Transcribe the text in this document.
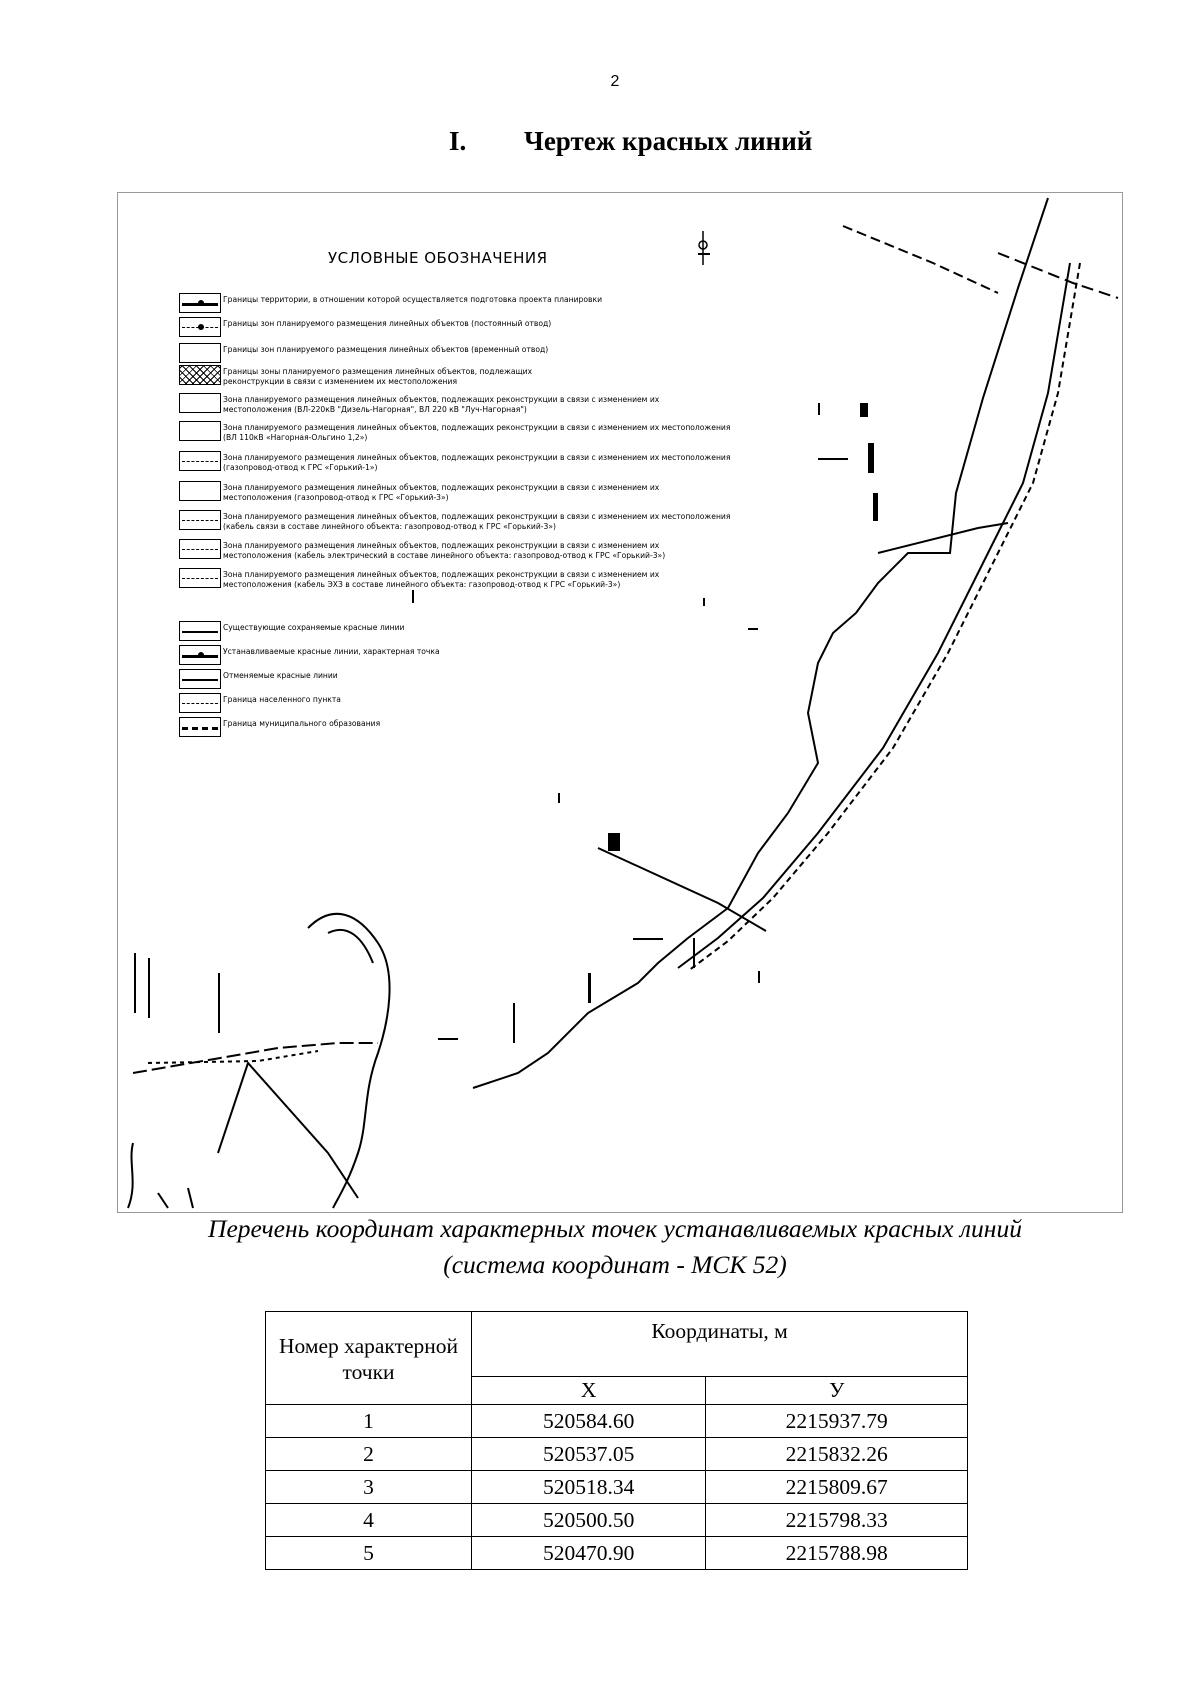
2
I. Чертеж красных линий
УСЛОВНЫЕ ОБОЗНАЧЕНИЯ
Границы территории, в отношении которой осуществляется подготовка проекта планировки
Границы зон планируемого размещения линейных объектов (постоянный отвод)
Границы зон планируемого размещения линейных объектов (временный отвод)
Границы зоны планируемого размещения линейных объектов, подлежащих
реконструкции в связи с изменением их местоположения
Зона планируемого размещения линейных объектов, подлежащих реконструкции в связи с изменением их
местоположения (ВЛ-220кВ "Дизель-Нагорная", ВЛ 220 кВ "Луч-Нагорная")
Зона планируемого размещения линейных объектов, подлежащих реконструкции в связи с изменением их местоположения
(ВЛ 110кВ «Нагорная-Ольгино 1,2»)
Зона планируемого размещения линейных объектов, подлежащих реконструкции в связи с изменением их местоположения
(газопровод-отвод к ГРС «Горький-1»)
Зона планируемого размещения линейных объектов, подлежащих реконструкции в связи с изменением их
местоположения (газопровод-отвод к ГРС «Горький-3»)
Зона планируемого размещения линейных объектов, подлежащих реконструкции в связи с изменением их местоположения
(кабель связи в составе линейного объекта: газопровод-отвод к ГРС «Горький-3»)
Зона планируемого размещения линейных объектов, подлежащих реконструкции в связи с изменением их
местоположения (кабель электрический в составе линейного объекта: газопровод-отвод к ГРС «Горький-3»)
Зона планируемого размещения линейных объектов, подлежащих реконструкции в связи с изменением их
местоположения (кабель ЭХЗ в составе линейного объекта: газопровод-отвод к ГРС «Горький-3»)
Существующие сохраняемые красные линии
Устанавливаемые красные линии, характерная точка
Отменяемые красные линии
Граница населенного пункта
Граница муниципального образования
Перечень координат характерных точек устанавливаемых красных линий
(система координат - МСК 52)
Номер характерной точки	Координаты, м	
	Х	У
1	520584.60	2215937.79
2	520537.05	2215832.26
3	520518.34	2215809.67
4	520500.50	2215798.33
5	520470.90	2215788.98
